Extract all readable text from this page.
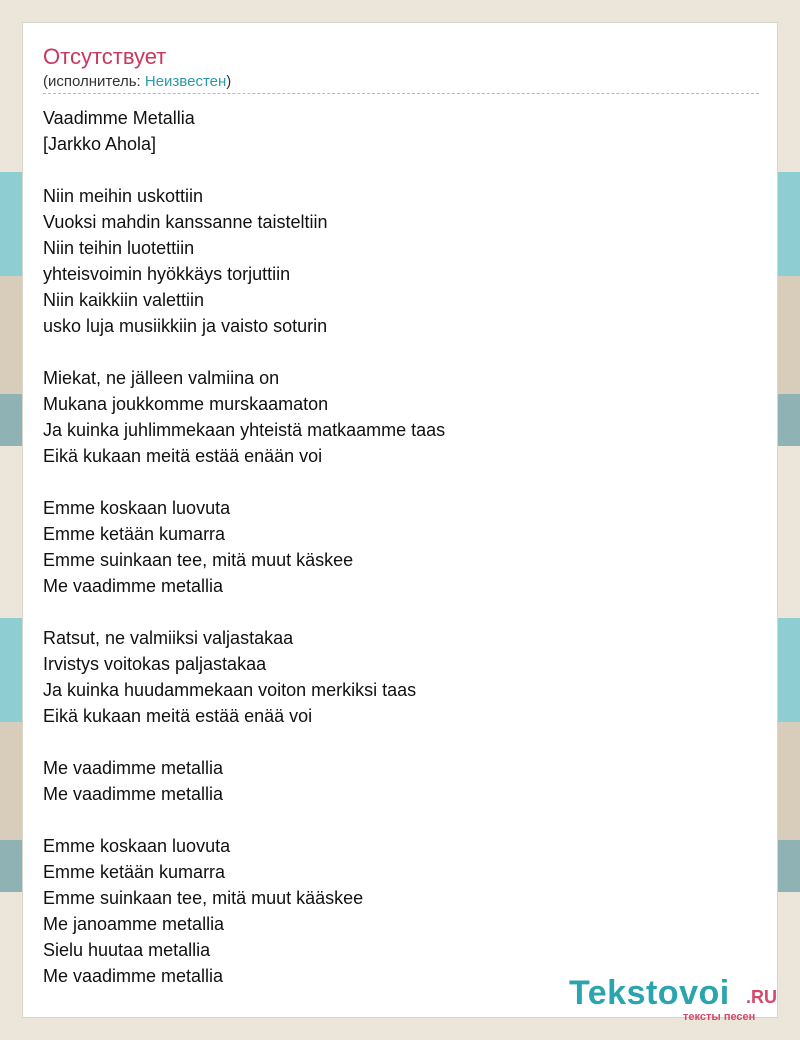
Отсутствует
(исполнитель: Неизвестен)
Vaadimme Metallia
[Jarkko Ahola]
Niin meihin uskottiin
Vuoksi mahdin kanssanne taisteltiin
Niin teihin luotettiin
yhteisvoimin hyökkäys torjuttiin
Niin kaikkiin valettiin
usko luja musiikkiin ja vaisto soturin
Miekat, ne jälleen valmiina on
Mukana joukkomme murskaamaton
Ja kuinka juhlimmekaan yhteistä matkaamme taas
Eikä kukaan meitä estää enään voi
Emme koskaan luovuta
Emme ketään kumarra
Emme suinkaan tee, mitä muut käskee
Me vaadimme metallia
Ratsut, ne valmiiksi valjastakaa
Irvistys voitokas paljastakaa
Ja kuinka huudammekaan voiton merkiksi taas
Eikä kukaan meitä estää enää voi
Me vaadimme metallia
Me vaadimme metallia
Emme koskaan luovuta
Emme ketään kumarra
Emme suinkaan tee, mitä muut kääskee
Me janoamme metallia
Sielu huutaa metallia
Me vaadimme metallia	Tekstovoi .RU
тексты песен
